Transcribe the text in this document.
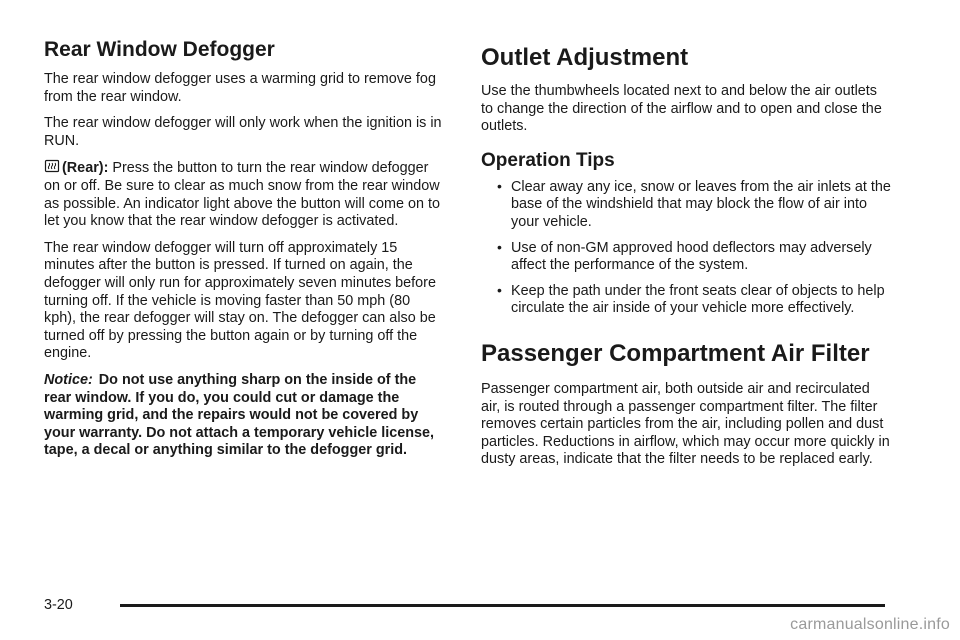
Rear Window Defogger

The rear window defogger uses a warming grid to remove fog from the rear window.

The rear window defogger will only work when the ignition is in RUN.

(Rear): Press the button to turn the rear window defogger on or off. Be sure to clear as much snow from the rear window as possible. An indicator light above the button will come on to let you know that the rear window defogger is activated.

The rear window defogger will turn off approximately 15 minutes after the button is pressed. If turned on again, the defogger will only run for approximately seven minutes before turning off. If the vehicle is moving faster than 50 mph (80 kph), the rear defogger will stay on. The defogger can also be turned off by pressing the button again or by turning off the engine.

Notice: Do not use anything sharp on the inside of the rear window. If you do, you could cut or damage the warming grid, and the repairs would not be covered by your warranty. Do not attach a temporary vehicle license, tape, a decal or anything similar to the defogger grid.

Outlet Adjustment

Use the thumbwheels located next to and below the air outlets to change the direction of the airflow and to open and close the outlets.

Operation Tips
• Clear away any ice, snow or leaves from the air inlets at the base of the windshield that may block the flow of air into your vehicle.
• Use of non-GM approved hood deflectors may adversely affect the performance of the system.
• Keep the path under the front seats clear of objects to help circulate the air inside of your vehicle more effectively.
Passenger Compartment Air Filter

Passenger compartment air, both outside air and recirculated air, is routed through a passenger compartment filter. The filter removes certain particles from the air, including pollen and dust particles. Reductions in airflow, which may occur more quickly in dusty areas, indicate that the filter needs to be replaced early.

3-20
carmanualsonline.info
